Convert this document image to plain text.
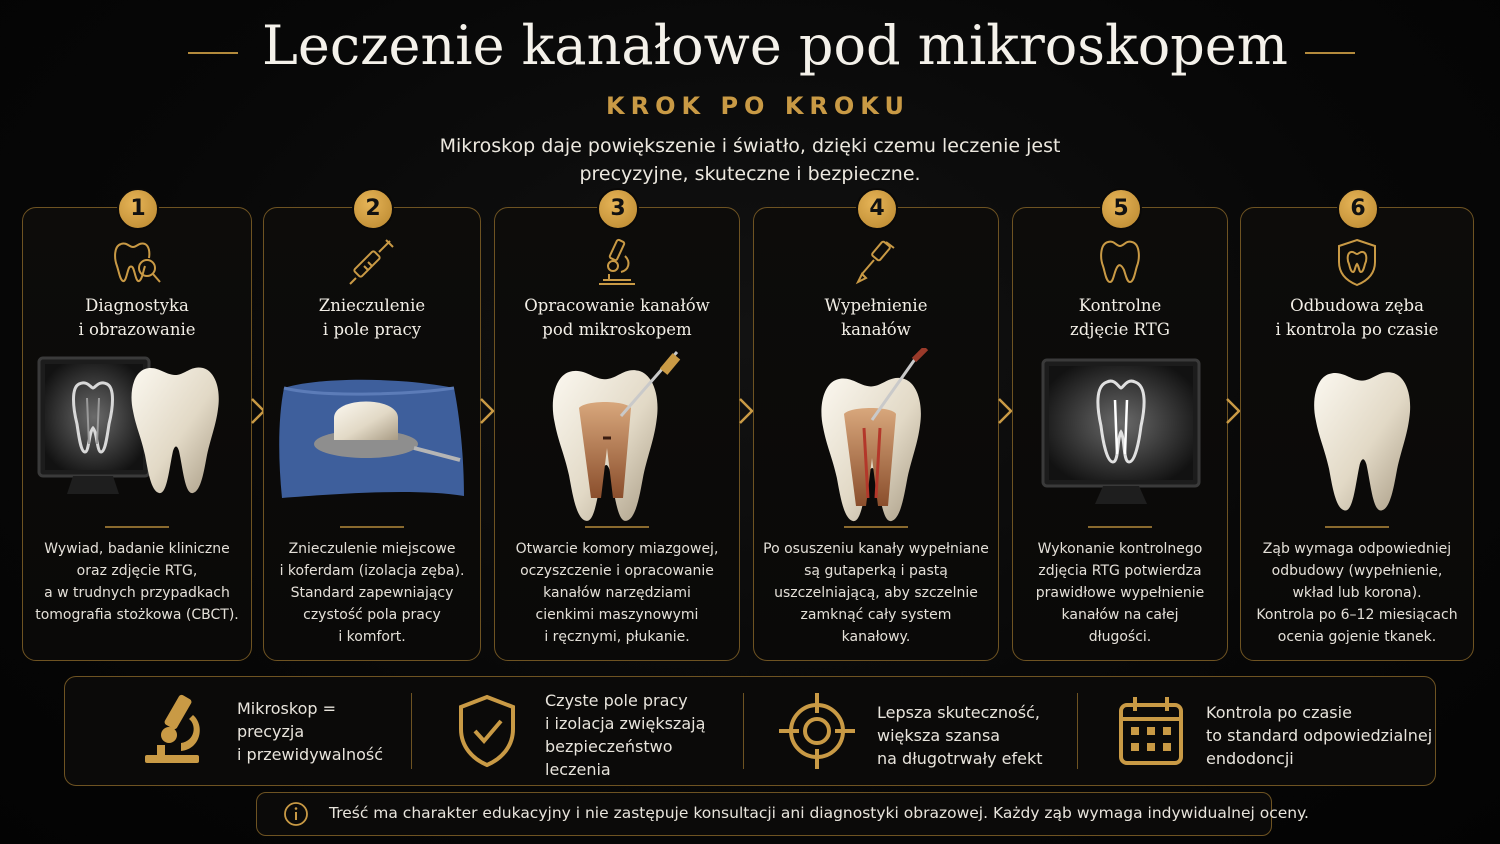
Leczenie kanałowe pod mikroskopem
KROK PO KROKU
Mikroskop daje powiększenie i światło, dzięki czemu leczenie jest
precyzyjne, skuteczne i bezpieczne.
1
Diagnostyka
i obrazowanie
Wywiad, badanie kliniczne
oraz zdjęcie RTG,
a w trudnych przypadkach
tomografia stożkowa (CBCT).
2
Znieczulenie
i pole pracy
Znieczulenie miejscowe
i koferdam (izolacja zęba).
Standard zapewniający
czystość pola pracy
i komfort.
3
Opracowanie kanałów
pod mikroskopem
Otwarcie komory miazgowej,
oczyszczenie i opracowanie
kanałów narzędziami
cienkimi maszynowymi
i ręcznymi, płukanie.
4
Wypełnienie
kanałów
Po osuszeniu kanały wypełniane
są gutaperką i pastą
uszczelniającą, aby szczelnie
zamknąć cały system
kanałowy.
5
Kontrolne
zdjęcie RTG
Wykonanie kontrolnego
zdjęcia RTG potwierdza
prawidłowe wypełnienie
kanałów na całej
długości.
6
Odbudowa zęba
i kontrola po czasie
Ząb wymaga odpowiedniej
odbudowy (wypełnienie,
wkład lub korona).
Kontrola po 6–12 miesiącach
ocenia gojenie tkanek.
Mikroskop =
precyzja
i przewidywalność
Czyste pole pracy
i izolacja zwiększają
bezpieczeństwo
leczenia
Lepsza skuteczność,
większa szansa
na długotrwały efekt
Kontrola po czasie
to standard odpowiedzialnej
endodoncji
Treść ma charakter edukacyjny i nie zastępuje konsultacji ani diagnostyki obrazowej. Każdy ząb wymaga indywidualnej oceny.
